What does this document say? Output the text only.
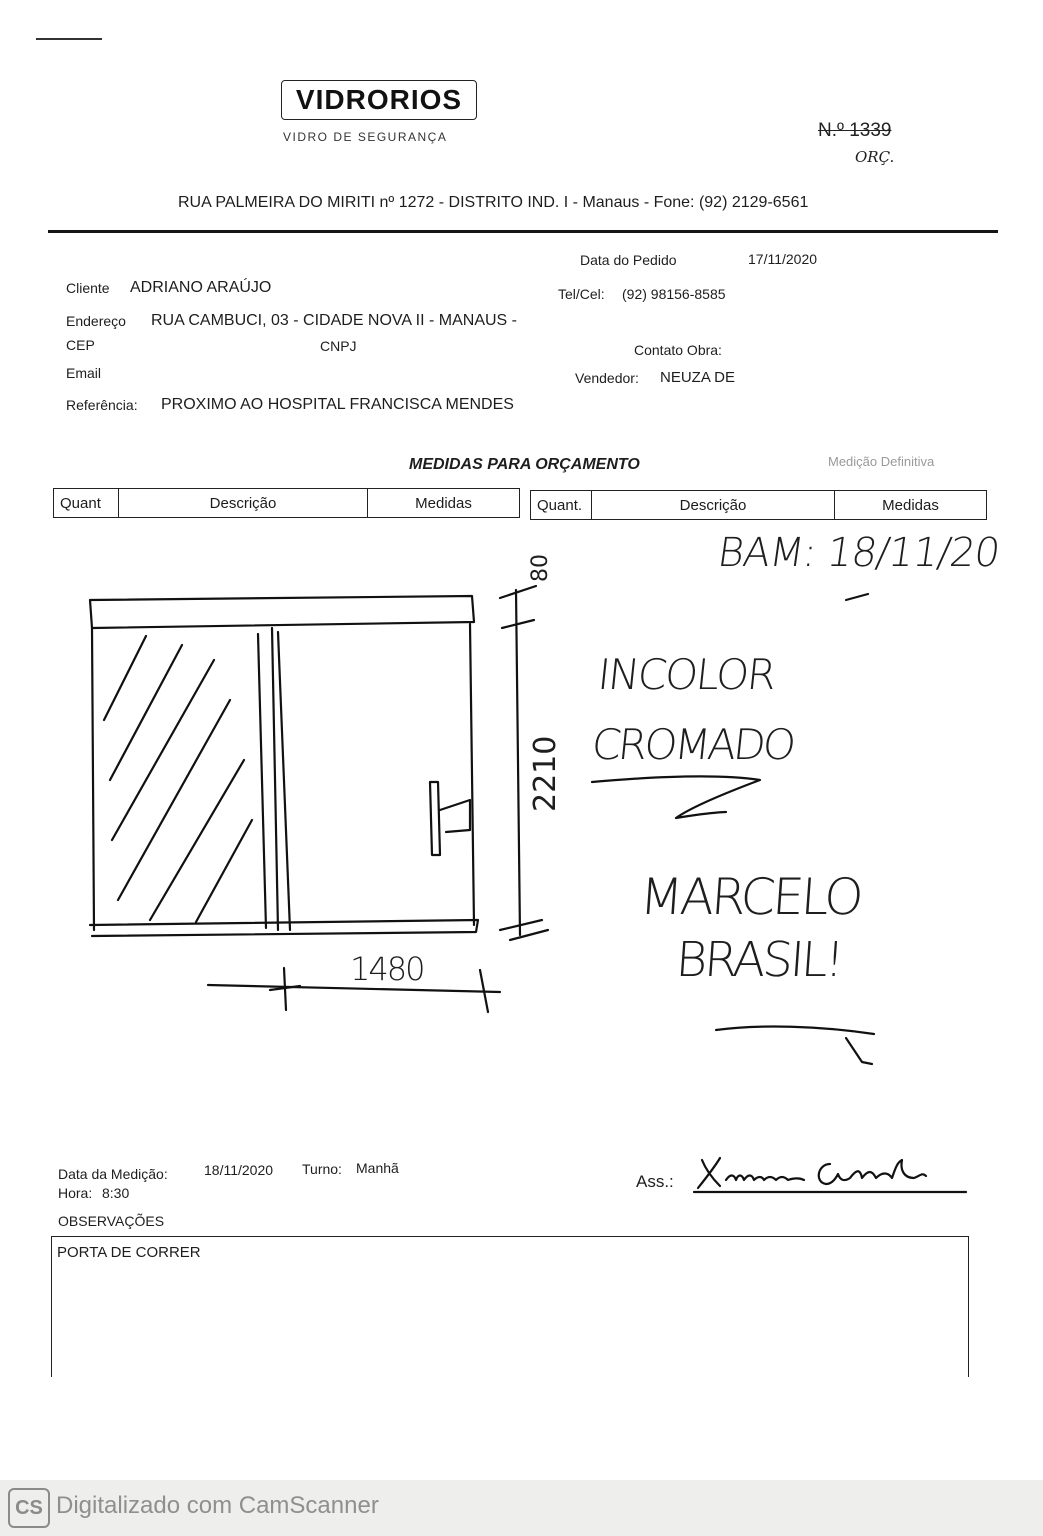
VIDRORIOS
VIDRO DE SEGURANÇA	N.º 1339
ORÇ.
RUA PALMEIRA DO MIRITI nº 1272 - DISTRITO IND. I - Manaus - Fone: (92) 2129-6561
Data do Pedido	17/11/2020
Cliente ADRIANO ARAÚJO	Tel/Cel: (92) 98156-8585
Endereço RUA CAMBUCI, 03 - CIDADE NOVA II - MANAUS -
CEP	CNPJ	Contato Obra:
Email	Vendedor: NEUZA DE
Referência: PROXIMO AO HOSPITAL FRANCISCA MENDES
MEDIDAS PARA ORÇAMENTO	Medição Definitiva
Quant	Descrição	Medidas	Quant.	Descrição	Medidas
BAM: 18/11/20
80
INCOLOR
CROMADO
2210
MARCELO
BRASIL!
1480
Data da Medição:	18/11/2020 Turno: Manhã
Hora: 8:30
Ass.:
OBSERVAÇÕES
PORTA DE CORRER
CS Digitalizado com CamScanner
